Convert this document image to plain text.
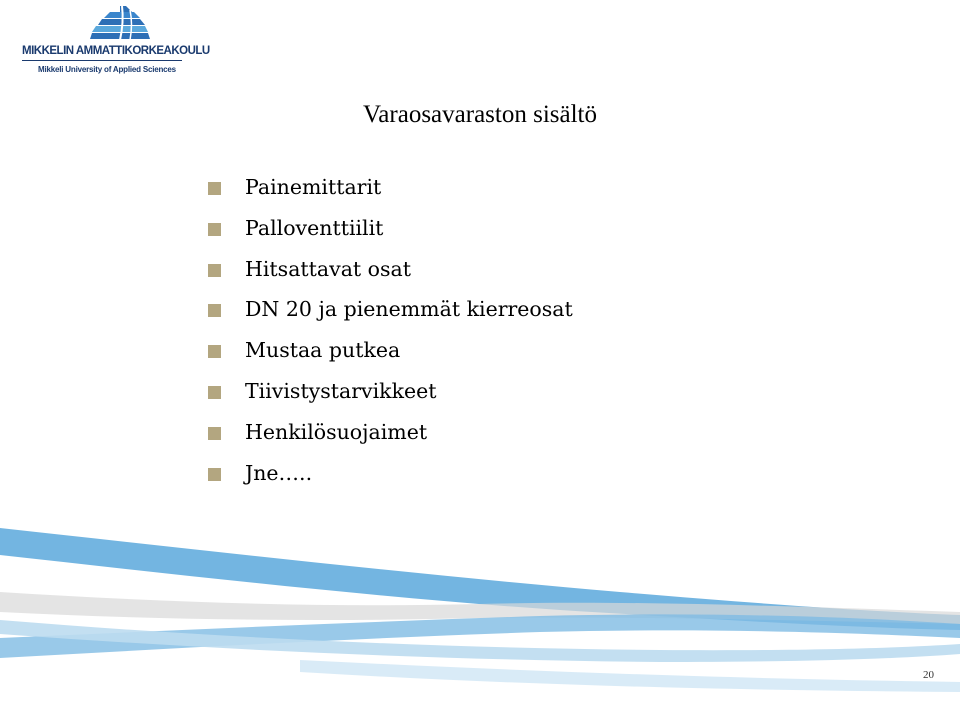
MIKKELIN AMMATTIKORKEAKOULU
Mikkeli University of Applied Sciences
Varaosavaraston sisältö
Painemittarit
Palloventtiilit
Hitsattavat osat
DN 20 ja pienemmät kierreosat
Mustaa putkea
Tiivistystarvikkeet
Henkilösuojaimet
Jne…..
20
